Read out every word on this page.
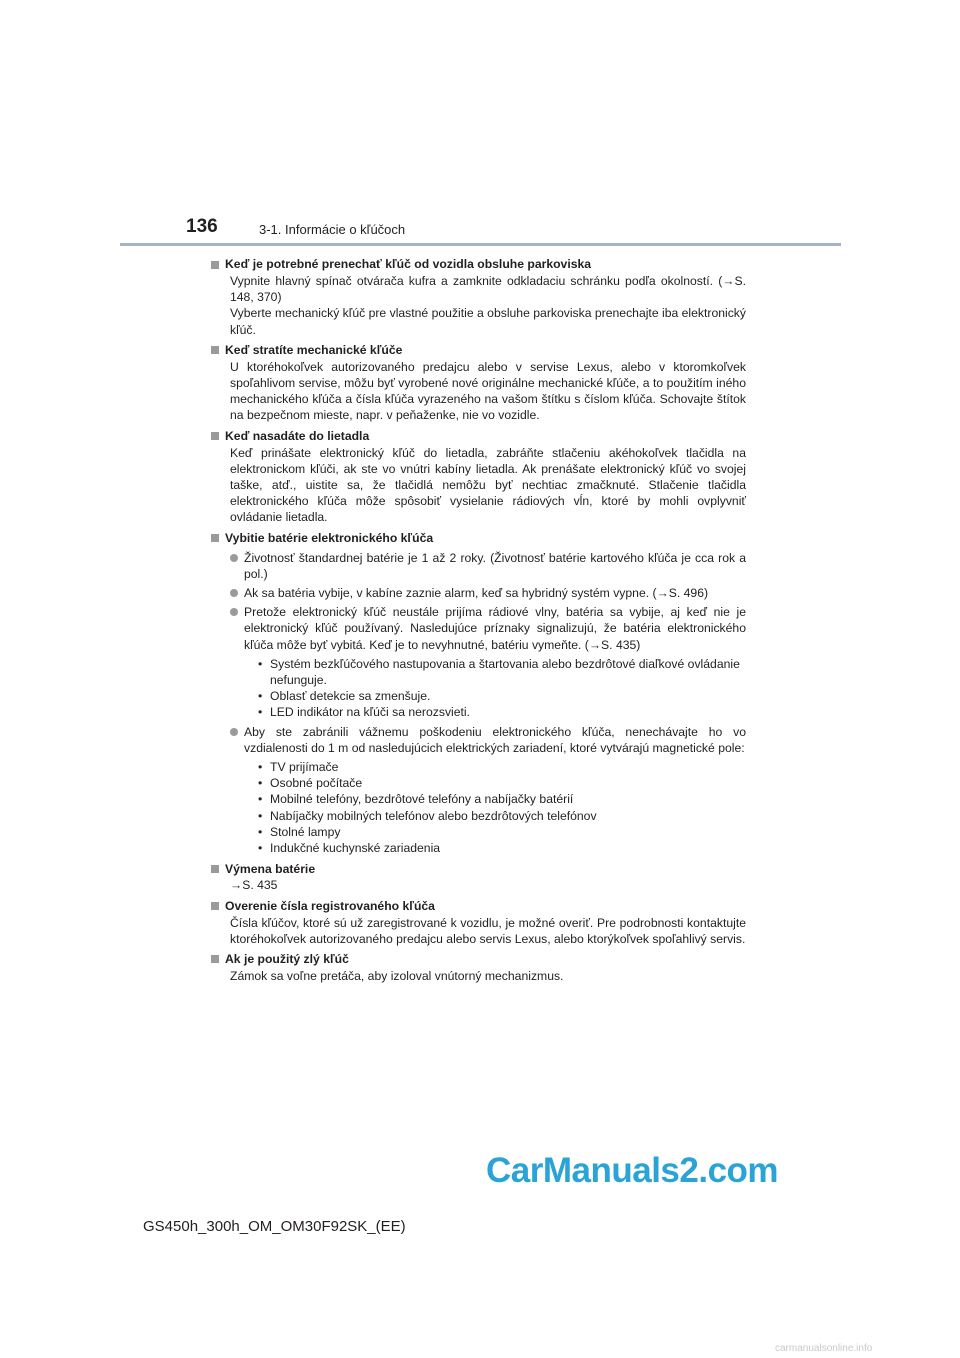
136	3-1. Informácie o kľúčoch
Keď je potrebné prenechať kľúč od vozidla obsluhe parkoviska
Vypnite hlavný spínač otvárača kufra a zamknite odkladaciu schránku podľa okolností. (→S. 148, 370)
Vyberte mechanický kľúč pre vlastné použitie a obsluhe parkoviska prenechajte iba elektronický kľúč.
Keď stratíte mechanické kľúče
U ktoréhokoľvek autorizovaného predajcu alebo v servise Lexus, alebo v ktoromkoľvek spoľahlivom servise, môžu byť vyrobené nové originálne mechanické kľúče, a to použitím iného mechanického kľúča a čísla kľúča vyrazeného na vašom štítku s číslom kľúča. Schovajte štítok na bezpečnom mieste, napr. v peňaženke, nie vo vozidle.
Keď nasadáte do lietadla
Keď prinášate elektronický kľúč do lietadla, zabráňte stlačeniu akéhokoľvek tlačidla na elektronickom kľúči, ak ste vo vnútri kabíny lietadla. Ak prenášate elektronický kľúč vo svojej taške, atď., uistite sa, že tlačidlá nemôžu byť nechtiac zmačknuté. Stlačenie tlačidla elektronického kľúča môže spôsobiť vysielanie rádiových vĺn, ktoré by mohli ovplyvniť ovládanie lietadla.
Vybitie batérie elektronického kľúča
Životnosť štandardnej batérie je 1 až 2 roky. (Životnosť batérie kartového kľúča je cca rok a pol.)
Ak sa batéria vybije, v kabíne zaznie alarm, keď sa hybridný systém vypne. (→S. 496)
Pretože elektronický kľúč neustále prijíma rádiové vlny, batéria sa vybije, aj keď nie je elektronický kľúč používaný. Nasledujúce príznaky signalizujú, že batéria elektronického kľúča môže byť vybitá. Keď je to nevyhnutné, batériu vymeňte. (→S. 435)
• Systém bezkľúčového nastupovania a štartovania alebo bezdrôtové diaľkové ovládanie nefunguje.
• Oblasť detekcie sa zmenšuje.
• LED indikátor na kľúči sa nerozsvieti.
Aby ste zabránili vážnemu poškodeniu elektronického kľúča, nenechávajte ho vo vzdialenosti do 1 m od nasledujúcich elektrických zariadení, ktoré vytvárajú magnetické pole:
• TV prijímače
• Osobné počítače
• Mobilné telefóny, bezdrôtové telefóny a nabíjačky batérií
• Nabíjačky mobilných telefónov alebo bezdrôtových telefónov
• Stolné lampy
• Indukčné kuchynské zariadenia
Výmena batérie
→S. 435
Overenie čísla registrovaného kľúča
Čísla kľúčov, ktoré sú už zaregistrované k vozidlu, je možné overiť. Pre podrobnosti kontaktujte ktoréhokoľvek autorizovaného predajcu alebo servis Lexus, alebo ktorýkoľvek spoľahlivý servis.
Ak je použitý zlý kľúč
Zámok sa voľne pretáča, aby izoloval vnútorný mechanizmus.
CarManuals2.com
GS450h_300h_OM_OM30F92SK_(EE)
carmanualsonline.info
